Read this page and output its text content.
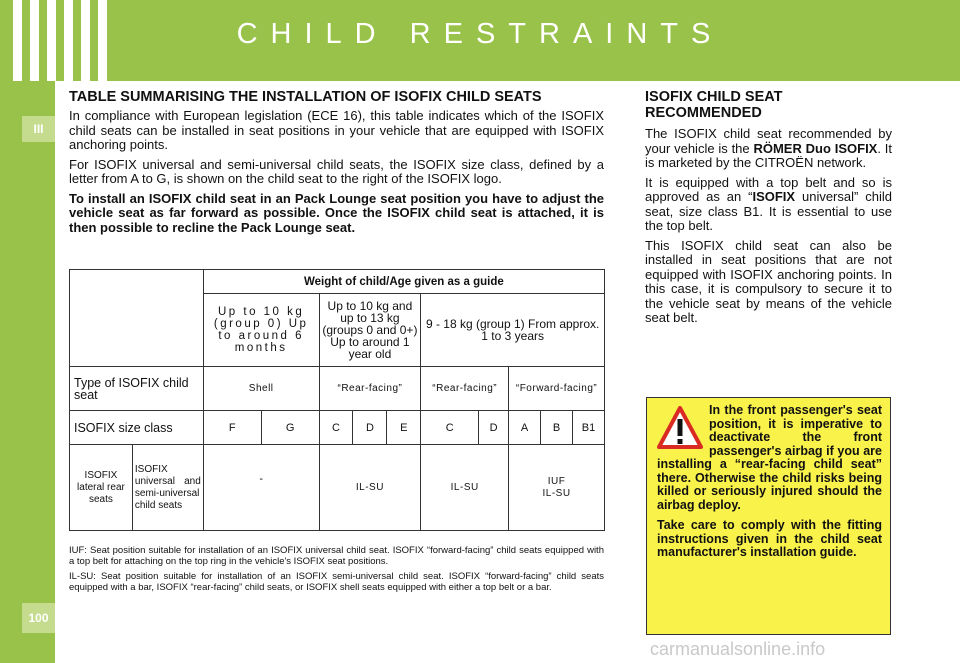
CHILD RESTRAINTS
III
100
TABLE SUMMARISING THE INSTALLATION OF ISOFIX CHILD SEATS

In compliance with European legislation (ECE 16), this table indicates which of the ISOFIX child seats can be installed in seat positions in your vehicle that are equipped with ISOFIX anchoring points.

For ISOFIX universal and semi-universal child seats, the ISOFIX size class, defined by a letter from A to G, is shown on the child seat to the right of the ISOFIX logo.

To install an ISOFIX child seat in an Pack Lounge seat position you have to adjust the vehicle seat as far forward as possible. Once the ISOFIX child seat is attached, it is then possible to recline the Pack Lounge seat.

		Weight of child/Age given as a guide									
		Up to 10 kg (group 0) Up to around 6 months		Up to 10 kg and up to 13 kg (groups 0 and 0+) Up to around 1 year old			9 - 18 kg (group 1) From approx. 1 to 3 years				
Type of ISOFIX child seat		Shell		“Rear-facing”			“Rear-facing”		“Forward-facing”		
ISOFIX size class		F	G	C	D	E	C	D	A	B	B1
ISOFIX lateral rear seats	ISOFIX universal and semi-universal child seats	-		IL-SU			IL-SU		IUF
IL-SU		

IUF: Seat position suitable for installation of an ISOFIX universal child seat. ISOFIX “forward-facing” child seats equipped with a top belt for attaching on the top ring in the vehicle's ISOFIX seat positions.

IL-SU: Seat position suitable for installation of an ISOFIX semi-universal child seat. ISOFIX “forward-facing” child seats equipped with a bar, ISOFIX “rear-facing” child seats, or ISOFIX shell seats equipped with either a top belt or a bar.

ISOFIX CHILD SEAT RECOMMENDED

The ISOFIX child seat recommended by your vehicle is the RÖMER Duo ISOFIX. It is marketed by the CITROËN network.

It is equipped with a top belt and so is approved as an “ISOFIX universal” child seat, size class B1. It is essential to use the top belt.

This ISOFIX child seat can also be installed in seat positions that are not equipped with ISOFIX anchoring points. In this case, it is compulsory to secure it to the vehicle seat by means of the vehicle seat belt.

In the front passenger's seat position, it is imperative to deactivate the front passenger's airbag if you are installing a “rear-facing child seat” there. Otherwise the child risks being killed or seriously injured should the airbag deploy.

Take care to comply with the fitting instructions given in the child seat manufacturer's installation guide.

carmanualsonline.info
